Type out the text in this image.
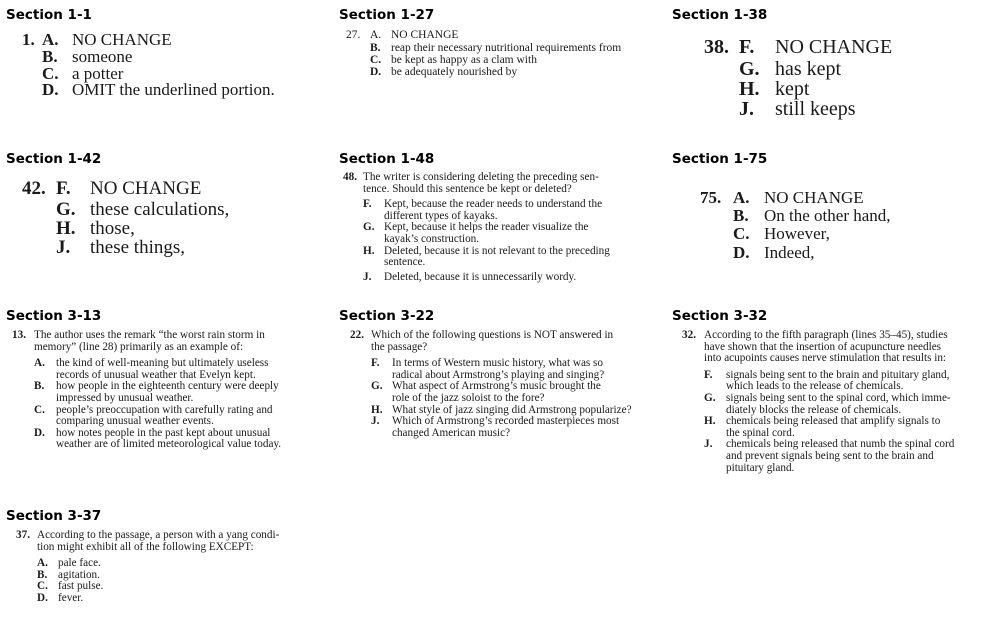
Section 1-1
1. A. NO CHANGE
B. someone
C. a potter
D. OMIT the underlined portion.
Section 1-27
27. A. NO CHANGE
B. reap their necessary nutritional requirements from
C. be kept as happy as a clam with
D. be adequately nourished by
Section 1-38
38. F. NO CHANGE
G. has kept
H. kept
J. still keeps
Section 1-42
42. F. NO CHANGE
G. these calculations,
H. those,
J. these things,
Section 1-48
48. The writer is considering deleting the preceding sen-
tence. Should this sentence be kept or deleted?
F. Kept, because the reader needs to understand the
different types of kayaks.
G. Kept, because it helps the reader visualize the
kayak’s construction.
H. Deleted, because it is not relevant to the preceding
sentence.
J. Deleted, because it is unnecessarily wordy.
Section 1-75
75. A. NO CHANGE
B. On the other hand,
C. However,
D. Indeed,
Section 3-13
13. The author uses the remark “the worst rain storm in
memory” (line 28) primarily as an example of:
A. the kind of well-meaning but ultimately useless
records of unusual weather that Evelyn kept.
B. how people in the eighteenth century were deeply
impressed by unusual weather.
C. people’s preoccupation with carefully rating and
comparing unusual weather events.
D. how notes people in the past kept about unusual
weather are of limited meteorological value today.
Section 3-22
22. Which of the following questions is NOT answered in
the passage?
F. In terms of Western music history, what was so
radical about Armstrong’s playing and singing?
G. What aspect of Armstrong’s music brought the
role of the jazz soloist to the fore?
H. What style of jazz singing did Armstrong popularize?
J. Which of Armstrong’s recorded masterpieces most
changed American music?
Section 3-32
32. According to the fifth paragraph (lines 35–45), studies
have shown that the insertion of acupuncture needles
into acupoints causes nerve stimulation that results in:
F. signals being sent to the brain and pituitary gland,
which leads to the release of chemicals.
G. signals being sent to the spinal cord, which imme-
diately blocks the release of chemicals.
H. chemicals being released that amplify signals to
the spinal cord.
J. chemicals being released that numb the spinal cord
and prevent signals being sent to the brain and
pituitary gland.
Section 3-37
37. According to the passage, a person with a yang condi-
tion might exhibit all of the following EXCEPT:
A. pale face.
B. agitation.
C. fast pulse.
D. fever.
